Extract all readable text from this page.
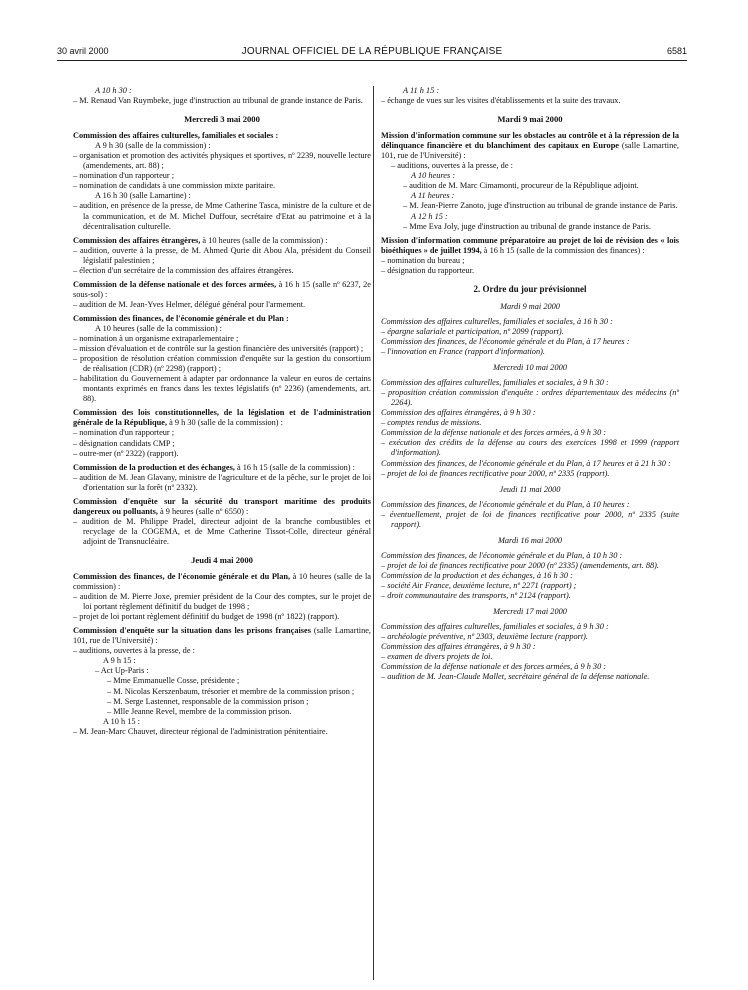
30 avril 2000	JOURNAL OFFICIEL DE LA RÉPUBLIQUE FRANÇAISE	6581

A 10 h 30 :

– M. Renaud Van Ruymbeke, juge d'instruction au tribunal de grande instance de Paris.

Mercredi 3 mai 2000

Commission des affaires culturelles, familiales et sociales :

A 9 h 30 (salle de la commission) :

– organisation et promotion des activités physiques et sportives, nº 2239, nouvelle lecture (amendements, art. 88) ;

– nomination d'un rapporteur ;

– nomination de candidats à une commission mixte paritaire.

A 16 h 30 (salle Lamartine) :

– audition, en présence de la presse, de Mme Catherine Tasca, ministre de la culture et de la communication, et de M. Michel Duffour, secrétaire d'Etat au patrimoine et à la décentralisation culturelle.

Commission des affaires étrangères, à 10 heures (salle de la commission) :

– audition, ouverte à la presse, de M. Ahmed Qurie dit Abou Ala, président du Conseil législatif palestinien ;

– élection d'un secrétaire de la commission des affaires étrangères.

Commission de la défense nationale et des forces armées, à 16 h 15 (salle nº 6237, 2e sous-sol) :

– audition de M. Jean-Yves Helmer, délégué général pour l'armement.

Commission des finances, de l'économie générale et du Plan :

A 10 heures (salle de la commission) :

– nomination à un organisme extraparlementaire ;

– mission d'évaluation et de contrôle sur la gestion financière des universités (rapport) ;

– proposition de résolution création commission d'enquête sur la gestion du consortium de réalisation (CDR) (nº 2298) (rapport) ;

– habilitation du Gouvernement à adapter par ordonnance la valeur en euros de certains montants exprimés en francs dans les textes législatifs (nº 2236) (amendements, art. 88).

Commission des lois constitutionnelles, de la législation et de l'administration générale de la République, à 9 h 30 (salle de la commission) :

– nomination d'un rapporteur ;

– désignation candidats CMP ;

– outre-mer (nº 2322) (rapport).

Commission de la production et des échanges, à 16 h 15 (salle de la commission) :

– audition de M. Jean Glavany, ministre de l'agriculture et de la pêche, sur le projet de loi d'orientation sur la forêt (nº 2332).

Commission d'enquête sur la sécurité du transport maritime des produits dangereux ou polluants, à 9 heures (salle nº 6550) :

– audition de M. Philippe Pradel, directeur adjoint de la branche combustibles et recyclage de la COGEMA, et de Mme Catherine Tissot-Colle, directeur général adjoint de Transnucléaire.

Jeudi 4 mai 2000

Commission des finances, de l'économie générale et du Plan, à 10 heures (salle de la commission) :

– audition de M. Pierre Joxe, premier président de la Cour des comptes, sur le projet de loi portant règlement définitif du budget de 1998 ;

– projet de loi portant règlement définitif du budget de 1998 (nº 1822) (rapport).

Commission d'enquête sur la situation dans les prisons françaises (salle Lamartine, 101, rue de l'Université) :

– auditions, ouvertes à la presse, de :

A 9 h 15 :

– Act Up-Paris :

– Mme Emmanuelle Cosse, présidente ;

– M. Nicolas Kerszenbaum, trésorier et membre de la commission prison ;

– M. Serge Lastennet, responsable de la commission prison ;

– Mlle Jeanne Revel, membre de la commission prison.

A 10 h 15 :

– M. Jean-Marc Chauvet, directeur régional de l'administration pénitentiaire.

A 11 h 15 :

– échange de vues sur les visites d'établissements et la suite des travaux.

Mardi 9 mai 2000

Mission d'information commune sur les obstacles au contrôle et à la répression de la délinquance financière et du blanchiment des capitaux en Europe (salle Lamartine, 101, rue de l'Université) :

– auditions, ouvertes à la presse, de :

A 10 heures :

– audition de M. Marc Cimamonti, procureur de la République adjoint.

A 11 heures :

– M. Jean-Pierre Zanoto, juge d'instruction au tribunal de grande instance de Paris.

A 12 h 15 :

– Mme Eva Joly, juge d'instruction au tribunal de grande instance de Paris.

Mission d'information commune préparatoire au projet de loi de révision des « lois bioéthiques » de juillet 1994, à 16 h 15 (salle de la commission des finances) :

– nomination du bureau ;

– désignation du rapporteur.

2. Ordre du jour prévisionnel

Mardi 9 mai 2000

Commission des affaires culturelles, familiales et sociales, à 16 h 30 :

– épargne salariale et participation, nº 2099 (rapport).

Commission des finances, de l'économie générale et du Plan, à 17 heures :

– l'innovation en France (rapport d'information).

Mercredi 10 mai 2000

Commission des affaires culturelles, familiales et sociales, à 9 h 30 :

– proposition création commission d'enquête : ordres départementaux des médecins (nº 2264).

Commission des affaires étrangères, à 9 h 30 :

– comptes rendus de missions.

Commission de la défense nationale et des forces armées, à 9 h 30 :

– exécution des crédits de la défense au cours des exercices 1998 et 1999 (rapport d'information).

Commission des finances, de l'économie générale et du Plan, à 17 heures et à 21 h 30 :

– projet de loi de finances rectificative pour 2000, nº 2335 (rapport).

Jeudi 11 mai 2000

Commission des finances, de l'économie générale et du Plan, à 10 heures :

– éventuellement, projet de loi de finances rectificative pour 2000, nº 2335 (suite rapport).

Mardi 16 mai 2000

Commission des finances, de l'économie générale et du Plan, à 10 h 30 :

– projet de loi de finances rectificative pour 2000 (nº 2335) (amendements, art. 88).

Commission de la production et des échanges, à 16 h 30 :

– société Air France, deuxième lecture, nº 2271 (rapport) ;

– droit communautaire des transports, nº 2124 (rapport).

Mercredi 17 mai 2000

Commission des affaires culturelles, familiales et sociales, à 9 h 30 :

– archéologie préventive, nº 2303, deuxième lecture (rapport).

Commission des affaires étrangères, à 9 h 30 :

– examen de divers projets de loi.

Commission de la défense nationale et des forces armées, à 9 h 30 :

– audition de M. Jean-Claude Mallet, secrétaire général de la défense nationale.
